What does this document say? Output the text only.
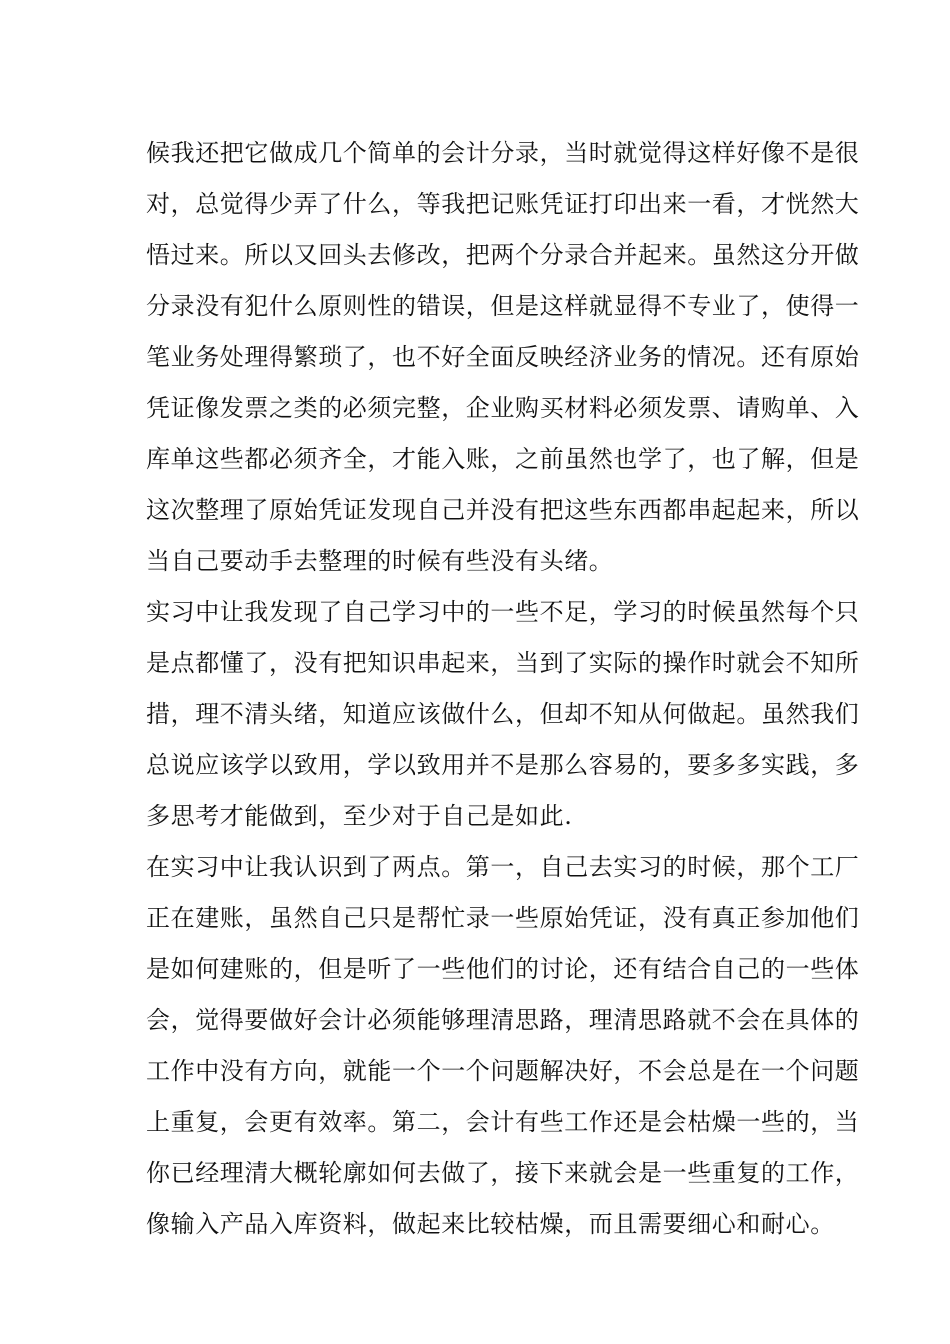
候我还把它做成几个简单的会计分录，当时就觉得这样好像不是很
对，总觉得少弄了什么，等我把记账凭证打印出来一看，才恍然大
悟过来。所以又回头去修改，把两个分录合并起来。虽然这分开做
分录没有犯什么原则性的错误，但是这样就显得不专业了，使得一
笔业务处理得繁琐了，也不好全面反映经济业务的情况。还有原始
凭证像发票之类的必须完整，企业购买材料必须发票、请购单、入
库单这些都必须齐全，才能入账，之前虽然也学了，也了解，但是
这次整理了原始凭证发现自己并没有把这些东西都串起起来，所以
当自己要动手去整理的时候有些没有头绪。
实习中让我发现了自己学习中的一些不足，学习的时候虽然每个只
是点都懂了，没有把知识串起来，当到了实际的操作时就会不知所
措，理不清头绪，知道应该做什么，但却不知从何做起。虽然我们
总说应该学以致用，学以致用并不是那么容易的，要多多实践，多
多思考才能做到，至少对于自己是如此.
在实习中让我认识到了两点。第一，自己去实习的时候，那个工厂
正在建账，虽然自己只是帮忙录一些原始凭证，没有真正参加他们
是如何建账的，但是听了一些他们的讨论，还有结合自己的一些体
会，觉得要做好会计必须能够理清思路，理清思路就不会在具体的
工作中没有方向，就能一个一个问题解决好，不会总是在一个问题
上重复，会更有效率。第二，会计有些工作还是会枯燥一些的，当
你已经理清大概轮廓如何去做了，接下来就会是一些重复的工作，
像输入产品入库资料，做起来比较枯燥，而且需要细心和耐心。
